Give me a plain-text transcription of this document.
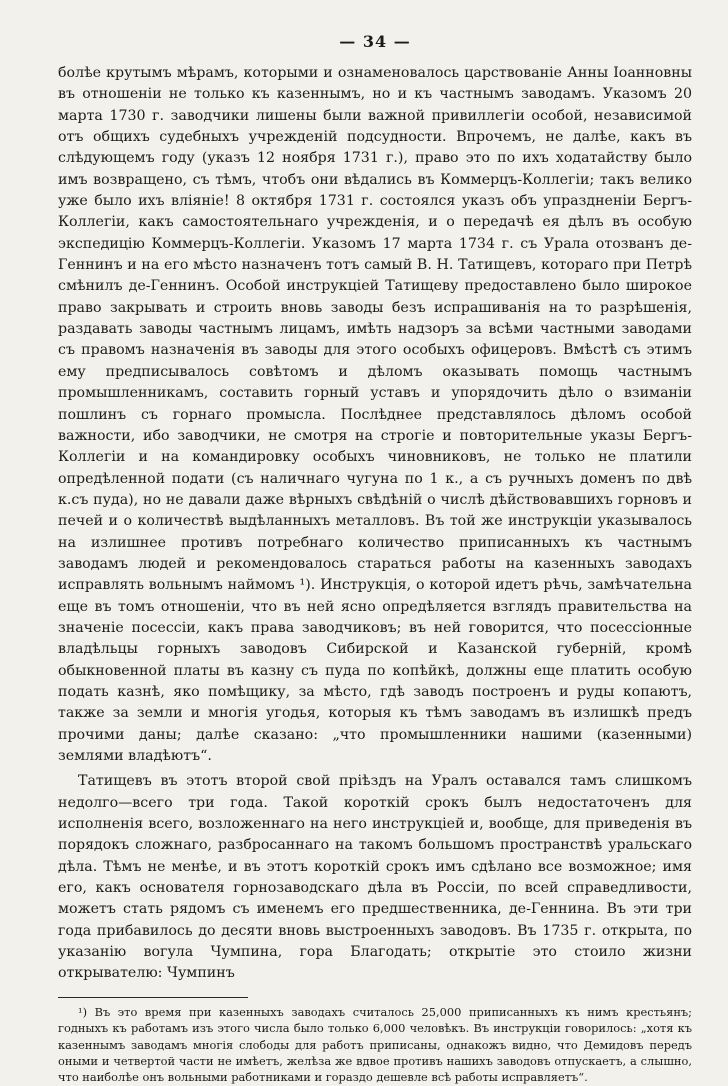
— 34 —

болѣе крутымъ мѣрамъ, которыми и ознаменовалось царствованіе Анны Іоанновны въ отношеніи не только къ казеннымъ, но и къ частнымъ заводамъ. Указомъ 20 марта 1730 г. заводчики лишены были важной привиллегіи особой, независимой отъ общихъ судебныхъ учрежденій подсудности. Впрочемъ, не далѣе, какъ въ слѣдующемъ году (указъ 12 ноября 1731 г.), право это по ихъ ходатайству было имъ возвращено, съ тѣмъ, чтобъ они вѣдались въ Коммерцъ-Коллегіи; такъ велико уже было ихъ вліяніе! 8 октября 1731 г. состоялся указъ объ упраздненіи Бергъ-Коллегіи, какъ самостоятельнаго учрежденія, и о передачѣ ея дѣлъ въ особую экспедицію Коммерцъ-Коллегіи. Указомъ 17 марта 1734 г. съ Урала отозванъ де-Геннинъ и на его мѣсто назначенъ тотъ самый В. Н. Татищевъ, котораго при Петрѣ смѣнилъ де-Геннинъ. Особой инструкціей Татищеву предоставлено было широкое право закрывать и строить вновь заводы безъ испрашиванія на то разрѣшенія, раздавать заводы частнымъ лицамъ, имѣть надзоръ за всѣми частными заводами съ правомъ назначенія въ заводы для этого особыхъ офицеровъ. Вмѣстѣ съ этимъ ему предписывалось совѣтомъ и дѣломъ оказывать помощь частнымъ промышленникамъ, составить горный уставъ и упорядочить дѣло о взиманіи пошлинъ съ горнаго промысла. Послѣднее представлялось дѣломъ особой важности, ибо заводчики, не смотря на строгіе и повторительные указы Бергъ-Коллегіи и на командировку особыхъ чиновниковъ, не только не платили опредѣленной подати (съ наличнаго чугуна по 1 к., а съ ручныхъ доменъ по двѣ к.съ пуда), но не давали даже вѣрныхъ свѣдѣній о числѣ дѣйствовавшихъ горновъ и печей и о количествѣ выдѣланныхъ металловъ. Въ той же инструкціи указывалось на излишнее противъ потребнаго количество приписанныхъ къ частнымъ заводамъ людей и рекомендовалось стараться работы на казенныхъ заводахъ исправлять вольнымъ наймомъ ¹). Инструкція, о которой идетъ рѣчь, замѣчательна еще въ томъ отношеніи, что въ ней ясно опредѣляется взглядъ правительства на значеніе посессіи, какъ права заводчиковъ; въ ней говорится, что посессіонные владѣльцы горныхъ заводовъ Сибирской и Казанской губерній, кромѣ обыкновенной платы въ казну съ пуда по копѣйкѣ, должны еще платить особую подать казнѣ, яко помѣщику, за мѣсто, гдѣ заводъ построенъ и руды копаютъ, также за земли и многія угодья, которыя къ тѣмъ заводамъ въ излишкѣ предъ прочими даны; далѣе сказано: „что промышленники нашими (казенными) землями владѣютъ“.

Татищевъ въ этотъ второй свой пріѣздъ на Уралъ оставался тамъ слишкомъ недолго—всего три года. Такой короткій срокъ былъ недостаточенъ для исполненія всего, возложеннаго на него инструкціей и, вообще, для приведенія въ порядокъ сложнаго, разбросаннаго на такомъ большомъ пространствѣ уральскаго дѣла. Тѣмъ не менѣе, и въ этотъ короткій срокъ имъ сдѣлано все возможное; имя его, какъ основателя горнозаводскаго дѣла въ Россіи, по всей справедливости, можетъ стать рядомъ съ именемъ его предшественника, де-Геннина. Въ эти три года прибавилось до десяти вновь выстроенныхъ заводовъ. Въ 1735 г. открыта, по указанію вогула Чумпина, гора Благодать; открытіе это стоило жизни открывателю: Чумпинъ

¹) Въ это время при казенныхъ заводахъ считалось 25,000 приписанныхъ къ нимъ крестьянъ; годныхъ къ работамъ изъ этого числа было только 6,000 человѣкъ. Въ инструкціи говорилось: „хотя къ казеннымъ заводамъ многія слободы для работъ приписаны, однакожъ видно, что Демидовъ передъ оными и четвертой части не имѣетъ, желѣза же вдвое противъ нашихъ заводовъ отпускаетъ, а слышно, что наиболѣе онъ вольными работниками и гораздо дешевле всѣ работы исправляетъ“.
